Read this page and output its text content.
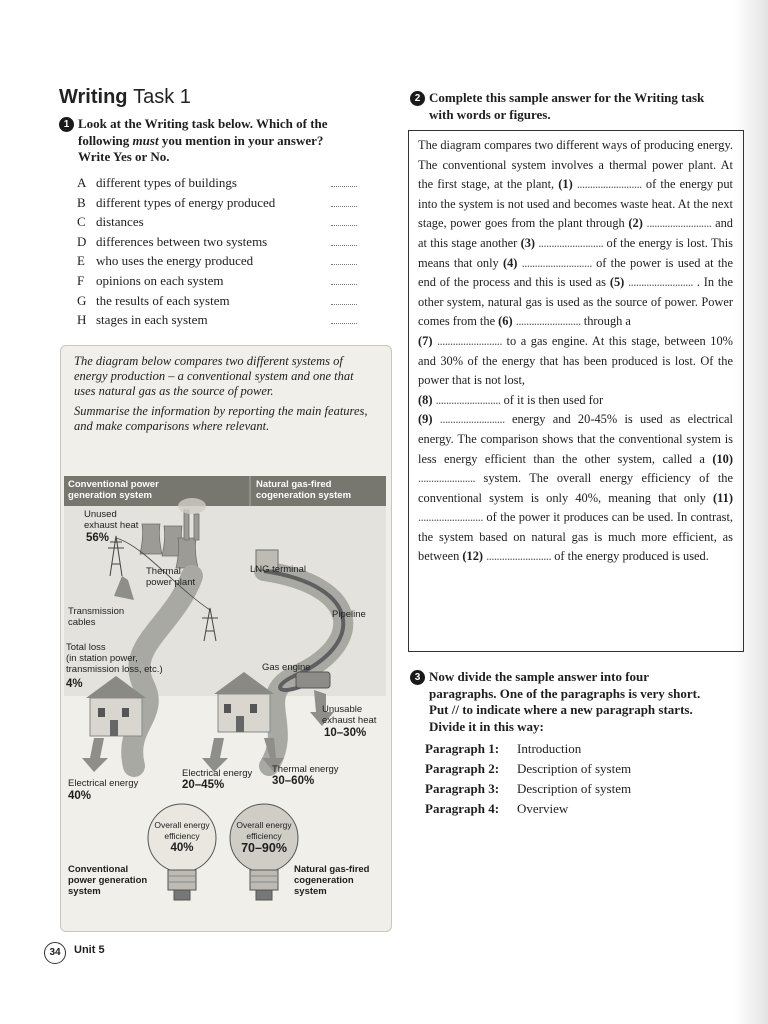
Writing Task 1
1 Look at the Writing task below. Which of the
following must you mention in your answer?
Write Yes or No.
A different types of buildings
B different types of energy produced
C distances
D differences between two systems
E who uses the energy produced
F opinions on each system
G the results of each system
H stages in each system

The diagram below compares two different systems of energy production – a conventional system and one that uses natural gas as the source of power.

Summarise the information by reporting the main features, and make comparisons where relevant.

Conventional power
generation system
Natural gas-fired
cogeneration system
Unused
exhaust heat
56%
Thermal
power plant
LNG terminal
Transmission
cables
Pipeline
Total loss
(in station power,
transmission loss, etc.)
4%
Gas engine
Unusable
exhaust heat
10–30%
Electrical energy
20–45%
Thermal energy
30–60%
Electrical energy
40%
Overall energy
efficiency
40%
Overall energy
efficiency
70–90%
Conventional
power generation
system
Natural gas-fired
cogeneration
system
2 Complete this sample answer for the Writing task
with words or figures.
The diagram compares two different ways of producing energy. The conventional system involves a thermal power plant. At the first stage, at the plant, (1) ......................... of the energy put into the system is not used and becomes waste heat. At the next stage, power goes from the plant through (2) ......................... and at this stage another (3) ......................... of the energy is lost. This means that only (4) ........................... of the power is used at the end of the process and this is used as (5) ......................... . In the other system, natural gas is used as the source of power. Power comes from the (6) ......................... through a
(7) ......................... to a gas engine. At this stage, between 10% and 30% of the energy that has been produced is lost. Of the power that is not lost,
(8) ......................... of it is then used for
(9) ......................... energy and 20-45% is used as electrical energy. The comparison shows that the conventional system is less energy efficient than the other system, called a (10) ...................... system. The overall energy efficiency of the conventional system is only 40%, meaning that only (11) ......................... of the power it produces can be used. In contrast, the system based on natural gas is much more efficient, as between (12) ......................... of the energy produced is used.
3 Now divide the sample answer into four
paragraphs. One of the paragraphs is very short.
Put // to indicate where a new paragraph starts.
Divide it in this way:
Paragraph 1: Introduction
Paragraph 2: Description of system
Paragraph 3: Description of system
Paragraph 4: Overview
34	Unit 5
